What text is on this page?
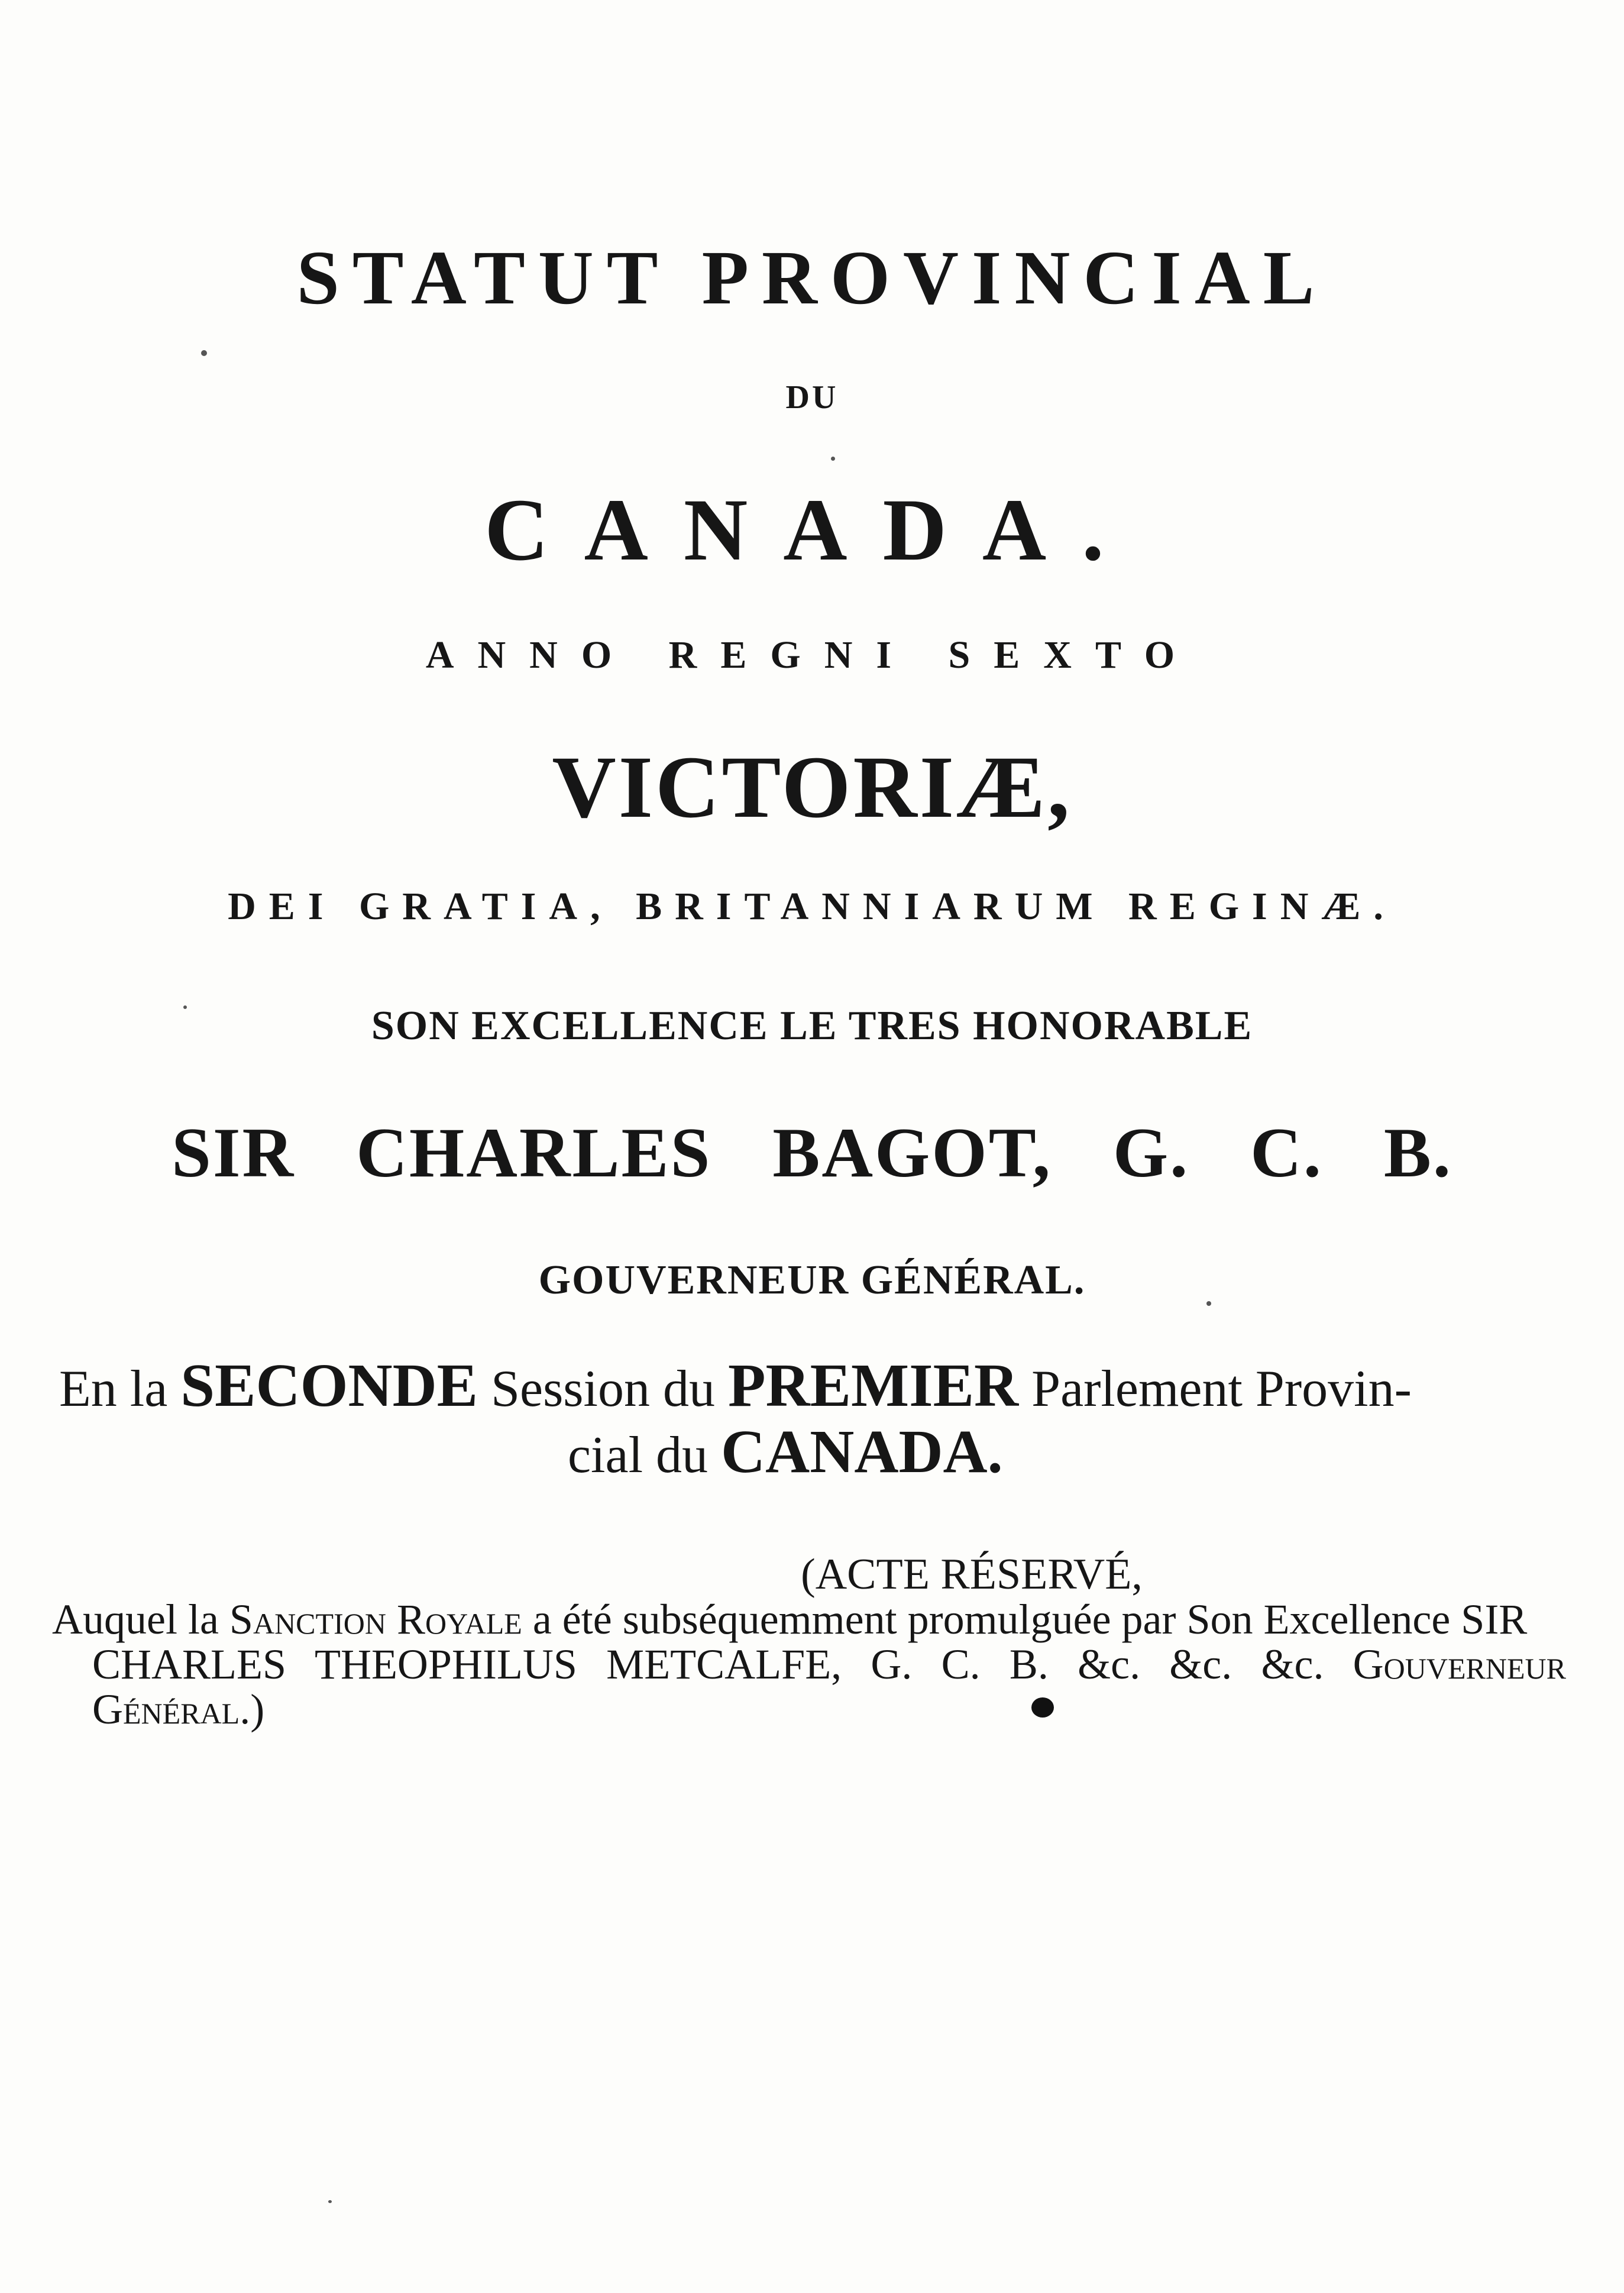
STATUT PROVINCIAL
DU
CANADA.
ANNO REGNI SEXTO
VICTORIÆ,
DEI GRATIA, BRITANNIARUM REGINÆ.
SON EXCELLENCE LE TRES HONORABLE
SIR CHARLES BAGOT, G. C. B.
GOUVERNEUR GÉNÉRAL.
En la SECONDE Session du PREMIER Parlement Provin-
cial du CANADA.
(ACTE RÉSERVÉ,
Auquel la Sanction Royale a été subséquemment promulguée par Son Excellence SIR
CHARLES THEOPHILUS METCALFE, G. C. B. &c. &c. &c. Gouverneur Général.)
